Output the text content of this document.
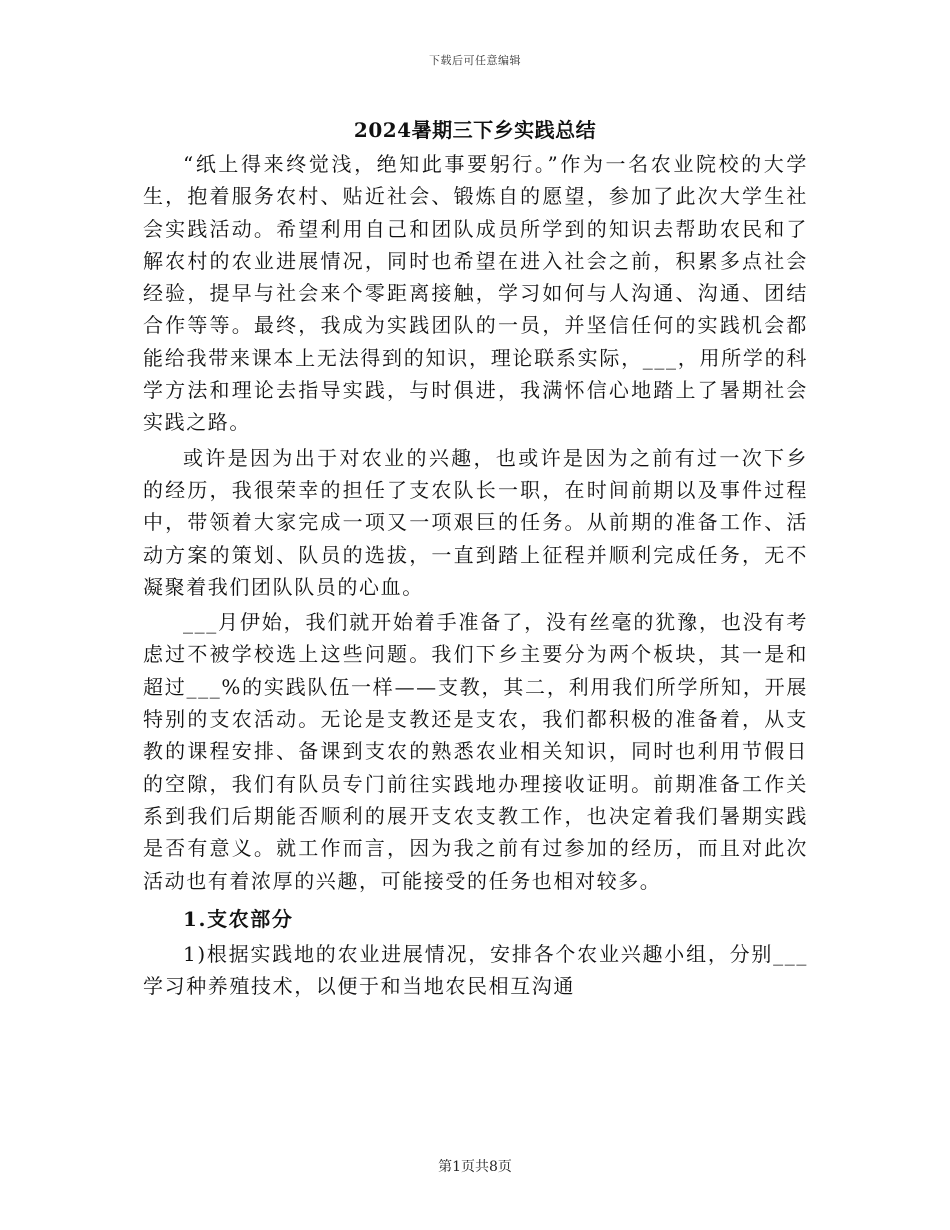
下载后可任意编辑
2024暑期三下乡实践总结

“纸上得来终觉浅，绝知此事要躬行。”作为一名农业院校的大学生，抱着服务农村、贴近社会、锻炼自的愿望，参加了此次大学生社会实践活动。希望利用自己和团队成员所学到的知识去帮助农民和了解农村的农业进展情况，同时也希望在进入社会之前，积累多点社会经验，提早与社会来个零距离接触，学习如何与人沟通、沟通、团结合作等等。最终，我成为实践团队的一员，并坚信任何的实践机会都能给我带来课本上无法得到的知识，理论联系实际，___，用所学的科学方法和理论去指导实践，与时俱进，我满怀信心地踏上了暑期社会实践之路。

或许是因为出于对农业的兴趣，也或许是因为之前有过一次下乡的经历，我很荣幸的担任了支农队长一职，在时间前期以及事件过程中，带领着大家完成一项又一项艰巨的任务。从前期的准备工作、活动方案的策划、队员的选拔，一直到踏上征程并顺利完成任务，无不凝聚着我们团队队员的心血。

___月伊始，我们就开始着手准备了，没有丝毫的犹豫，也没有考虑过不被学校选上这些问题。我们下乡主要分为两个板块，其一是和超过___%的实践队伍一样——支教，其二，利用我们所学所知，开展特别的支农活动。无论是支教还是支农，我们都积极的准备着，从支教的课程安排、备课到支农的熟悉农业相关知识，同时也利用节假日的空隙，我们有队员专门前往实践地办理接收证明。前期准备工作关系到我们后期能否顺利的展开支农支教工作，也决定着我们暑期实践是否有意义。就工作而言，因为我之前有过参加的经历，而且对此次活动也有着浓厚的兴趣，可能接受的任务也相对较多。

1.支农部分

1)根据实践地的农业进展情况，安排各个农业兴趣小组，分别___学习种养殖技术，以便于和当地农民相互沟通

第1页共8页
